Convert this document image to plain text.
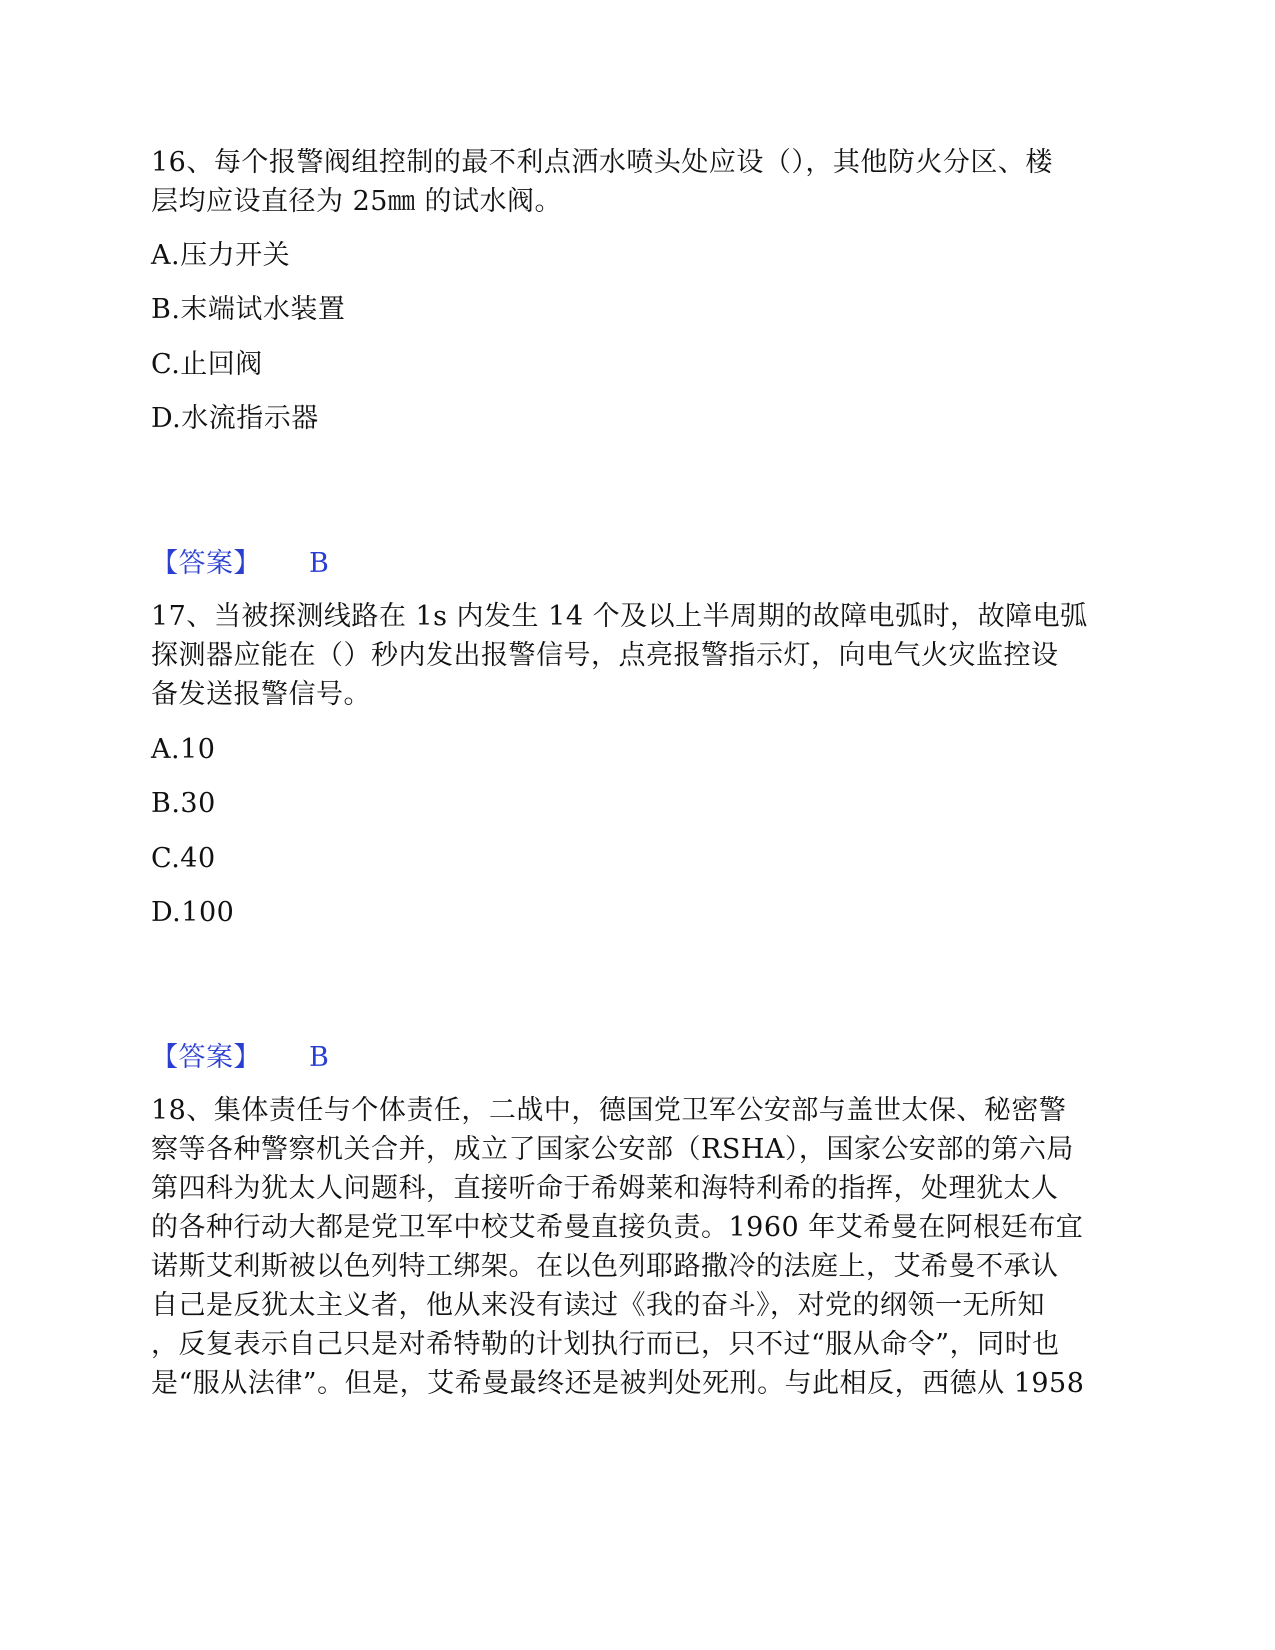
16、每个报警阀组控制的最不利点洒水喷头处应设（），其他防火分区、楼
层均应设直径为 25㎜ 的试水阀。
A.压力开关
B.末端试水装置
C.止回阀
D.水流指示器
【答案】 B
17、当被探测线路在 1s 内发生 14 个及以上半周期的故障电弧时，故障电弧
探测器应能在（）秒内发出报警信号，点亮报警指示灯，向电气火灾监控设
备发送报警信号。
A.10
B.30
C.40
D.100
【答案】 B
18、集体责任与个体责任，二战中，德国党卫军公安部与盖世太保、秘密警
察等各种警察机关合并，成立了国家公安部（RSHA），国家公安部的第六局
第四科为犹太人问题科，直接听命于希姆莱和海特利希的指挥，处理犹太人
的各种行动大都是党卫军中校艾希曼直接负责。1960 年艾希曼在阿根廷布宜
诺斯艾利斯被以色列特工绑架。在以色列耶路撒冷的法庭上，艾希曼不承认
自己是反犹太主义者，他从来没有读过《我的奋斗》，对党的纲领一无所知
，反复表示自己只是对希特勒的计划执行而已，只不过“服从命令”，同时也
是“服从法律”。但是，艾希曼最终还是被判处死刑。与此相反，西德从 1958
